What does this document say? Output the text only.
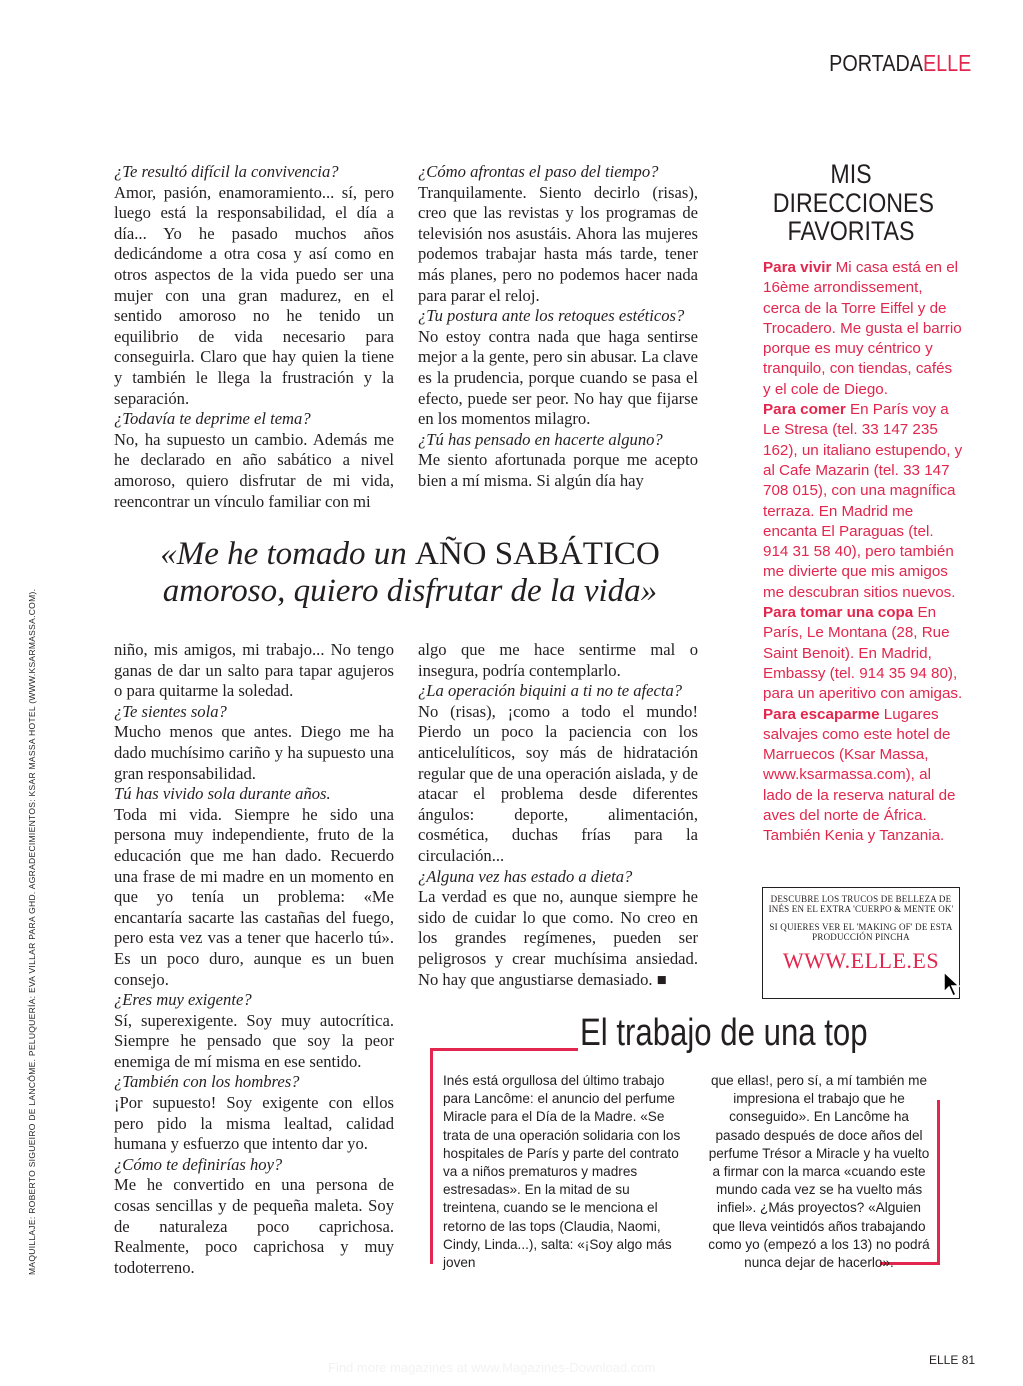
PORTADAELLE

¿Te resultó difícil la convivencia?

Amor, pasión, enamoramiento... sí, pero luego está la responsabilidad, el día a día... Yo he pasado muchos años dedicándome a otra cosa y así como en otros aspectos de la vida puedo ser una mujer con una gran madurez, en el sentido amoroso no he tenido un equilibrio de vida necesario para conseguirla. Claro que hay quien la tiene y también le llega la frustración y la separación.

¿Todavía te deprime el tema?

No, ha supuesto un cambio. Además me he declarado en año sabático a nivel amoroso, quiero disfrutar de mi vida, reencontrar un vínculo familiar con mi

¿Cómo afrontas el paso del tiempo?

Tranquilamente. Siento decirlo (risas), creo que las revistas y los programas de televisión nos asustáis. Ahora las mujeres podemos trabajar hasta más tarde, tener más planes, pero no podemos hacer nada para parar el reloj.

¿Tu postura ante los retoques estéticos?

No estoy contra nada que haga sentirse mejor a la gente, pero sin abusar. La clave es la prudencia, porque cuando se pasa el efecto, puede ser peor. No hay que fijarse en los momentos milagro.

¿Tú has pensado en hacerte alguno?

Me siento afortunada porque me acepto bien a mí misma. Si algún día hay

«Me he tomado un AÑO SABÁTICO
amoroso, quiero disfrutar de la vida»

niño, mis amigos, mi trabajo... No tengo ganas de dar un salto para tapar agujeros o para quitarme la soledad.

¿Te sientes sola?

Mucho menos que antes. Diego me ha dado muchísimo cariño y ha supuesto una gran responsabilidad.

Tú has vivido sola durante años.

Toda mi vida. Siempre he sido una persona muy independiente, fruto de la educación que me han dado. Recuerdo una frase de mi madre en un momento en que yo tenía un problema: «Me encantaría sacarte las castañas del fuego, pero esta vez vas a tener que hacerlo tú». Es un poco duro, aunque es un buen consejo.

¿Eres muy exigente?

Sí, superexigente. Soy muy autocrítica. Siempre he pensado que soy la peor enemiga de mí misma en ese sentido.

¿También con los hombres?

¡Por supuesto! Soy exigente con ellos pero pido la misma lealtad, calidad humana y esfuerzo que intento dar yo.

¿Cómo te definirías hoy?

Me he convertido en una persona de cosas sencillas y de pequeña maleta. Soy de naturaleza poco caprichosa. Realmente, poco caprichosa y muy todoterreno.

algo que me hace sentirme mal o insegura, podría contemplarlo.

¿La operación biquini a ti no te afecta?

No (risas), ¡como a todo el mundo! Pierdo un poco la paciencia con los anticelulíticos, soy más de hidratación regular que de una operación aislada, y de atacar el problema desde diferentes ángulos: deporte, alimentación, cosmética, duchas frías para la circulación...

¿Alguna vez has estado a dieta?

La verdad es que no, aunque siempre he sido de cuidar lo que como. No creo en los grandes regímenes, pueden ser peligrosos y crear muchísima ansiedad. No hay que angustiarse demasiado. ■

MAQUILLAJE: ROBERTO SIGUEIRO DE LANCÔME. PELUQUERÍA: EVA VILLAR PARA GHD. AGRADECIMIENTOS: KSAR MASSA HOTEL (WWW.KSARMASSA.COM).
MIS
DIRECCIONES
FAVORITAS

Para vivir Mi casa está en el 16ème arrondissement, cerca de la Torre Eiffel y de Trocadero. Me gusta el barrio porque es muy céntrico y tranquilo, con tiendas, cafés y el cole de Diego.

Para comer En París voy a Le Stresa (tel. 33 147 235 162), un italiano estupendo, y al Cafe Mazarin (tel. 33 147 708 015), con una magnífica terraza. En Madrid me encanta El Paraguas (tel. 914 31 58 40), pero también me divierte que mis amigos me descubran sitios nuevos.

Para tomar una copa En París, Le Montana (28, Rue Saint Benoit). En Madrid, Embassy (tel. 914 35 94 80), para un aperitivo con amigas.

Para escaparme Lugares salvajes como este hotel de Marruecos (Ksar Massa, www.ksarmassa.com), al lado de la reserva natural de aves del norte de África. También Kenia y Tanzania.

DESCUBRE LOS TRUCOS DE BELLEZA DE INÉS EN EL EXTRA 'CUERPO & MENTE OK'
SI QUIERES VER EL 'MAKING OF' DE ESTA PRODUCCIÓN PINCHA
WWW.ELLE.ES
El trabajo de una top

Inés está orgullosa del último trabajo para Lancôme: el anuncio del perfume Miracle para el Día de la Madre. «Se trata de una operación solidaria con los hospitales de París y parte del contrato va a niños prematuros y madres estresadas». En la mitad de su treintena, cuando se le menciona el retorno de las tops (Claudia, Naomi, Cindy, Linda...), salta: «¡Soy algo más joven

que ellas!, pero sí, a mí también me impresiona el trabajo que he conseguido». En Lancôme ha pasado después de doce años del perfume Trésor a Miracle y ha vuelto a firmar con la marca «cuando este mundo cada vez se ha vuelto más infiel». ¿Más proyectos? «Alguien que lleva veintidós años trabajando como yo (empezó a los 13) no podrá nunca dejar de hacerlo».

Find more magazines at www.Magazines-Download.com	ELLE 81
